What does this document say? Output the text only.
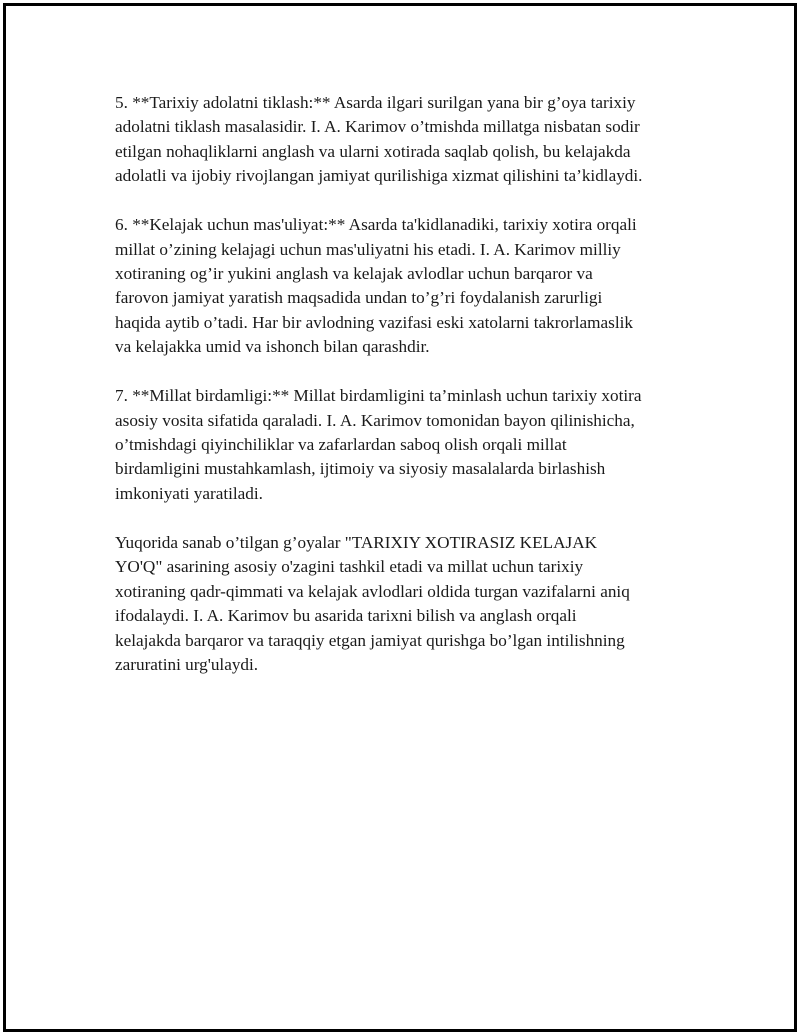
5. **Tarixiy adolatni tiklash:** Asarda ilgari surilgan yana bir g’oya tarixiy
adolatni tiklash masalasidir. I. A. Karimov o’tmishda millatga nisbatan sodir
etilgan nohaqliklarni anglash va ularni xotirada saqlab qolish, bu kelajakda
adolatli va ijobiy rivojlangan jamiyat qurilishiga xizmat qilishini ta’kidlaydi.

6. **Kelajak uchun mas'uliyat:** Asarda ta'kidlanadiki, tarixiy xotira orqali
millat o’zining kelajagi uchun mas'uliyatni his etadi. I. A. Karimov milliy
xotiraning og’ir yukini anglash va kelajak avlodlar uchun barqaror va
farovon jamiyat yaratish maqsadida undan to’g’ri foydalanish zarurligi
haqida aytib o’tadi. Har bir avlodning vazifasi eski xatolarni takrorlamaslik
va kelajakka umid va ishonch bilan qarashdir.

7. **Millat birdamligi:** Millat birdamligini ta’minlash uchun tarixiy xotira
asosiy vosita sifatida qaraladi. I. A. Karimov tomonidan bayon qilinishicha,
o’tmishdagi qiyinchiliklar va zafarlardan saboq olish orqali millat
birdamligini mustahkamlash, ijtimoiy va siyosiy masalalarda birlashish
imkoniyati yaratiladi.

Yuqorida sanab o’tilgan g’oyalar "TARIXIY XOTIRASIZ KELAJAK
YO'Q" asarining asosiy o'zagini tashkil etadi va millat uchun tarixiy
xotiraning qadr-qimmati va kelajak avlodlari oldida turgan vazifalarni aniq
ifodalaydi. I. A. Karimov bu asarida tarixni bilish va anglash orqali
kelajakda barqaror va taraqqiy etgan jamiyat qurishga bo’lgan intilishning
zaruratini urg'ulaydi.
